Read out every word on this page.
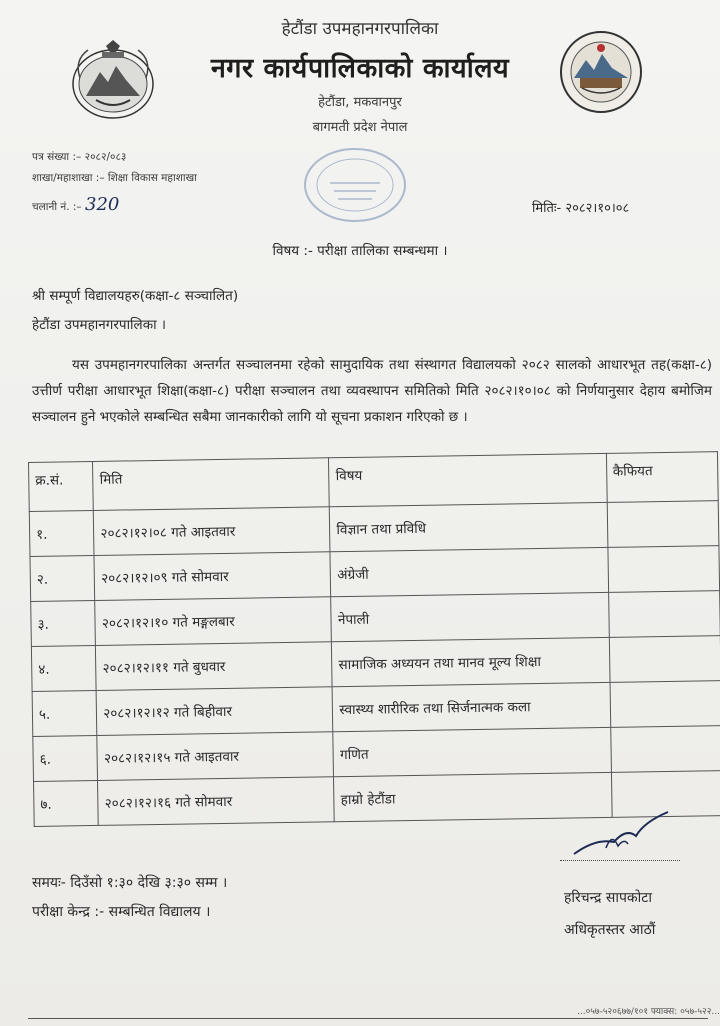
हेटौंडा उपमहानगरपालिका
नगर कार्यपालिकाको कार्यालय
हेटौंडा, मकवानपुर
बागमती प्रदेश नेपाल
पत्र संख्या :– २०८२/०८३
शाखा/महाशाखा :– शिक्षा विकास महाशाखा
चलानी नं. :– 320	मितिः- २०८२।१०।०८
विषय :- परीक्षा तालिका सम्बन्धमा ।
श्री सम्पूर्ण विद्यालयहरु(कक्षा-८ सञ्चालित)
हेटौंडा उपमहानगरपालिका ।
यस उपमहानगरपालिका अन्तर्गत सञ्चालनमा रहेको सामुदायिक तथा संस्थागत विद्यालयको २०८२ सालको आधारभूत तह(कक्षा-८) उत्तीर्ण परीक्षा आधारभूत शिक्षा(कक्षा-८) परीक्षा सञ्चालन तथा व्यवस्थापन समितिको मिति २०८२।१०।०८ को निर्णयानुसार देहाय बमोजिम सञ्चालन हुने भएकोले सम्बन्धित सबैमा जानकारीको लागि यो सूचना प्रकाशन गरिएको छ ।
क्र.सं.	मिति	विषय	कैफियत
१.	२०८२।१२।०८ गते आइतवार	विज्ञान तथा प्रविधि	
२.	२०८२।१२।०९ गते सोमवार	अंग्रेजी	
३.	२०८२।१२।१० गते मङ्गलबार	नेपाली	
४.	२०८२।१२।११ गते बुधवार	सामाजिक अध्ययन तथा मानव मूल्य शिक्षा	
५.	२०८२।१२।१२ गते बिहीवार	स्वास्थ्य शारीरिक तथा सिर्जनात्मक कला	
६.	२०८२।१२।१५ गते आइतवार	गणित	
७.	२०८२।१२।१६ गते सोमवार	हाम्रो हेटौंडा	
समयः- दिउँसो १:३० देखि ३:३० सम्म ।
परीक्षा केन्द्र :- सम्बन्धित विद्यालय ।
हरिचन्द्र सापकोटा
अधिकृतस्तर आठौं
...०५७-५२०६७७/१०१ फ्याक्स: ०५७-५२२...
